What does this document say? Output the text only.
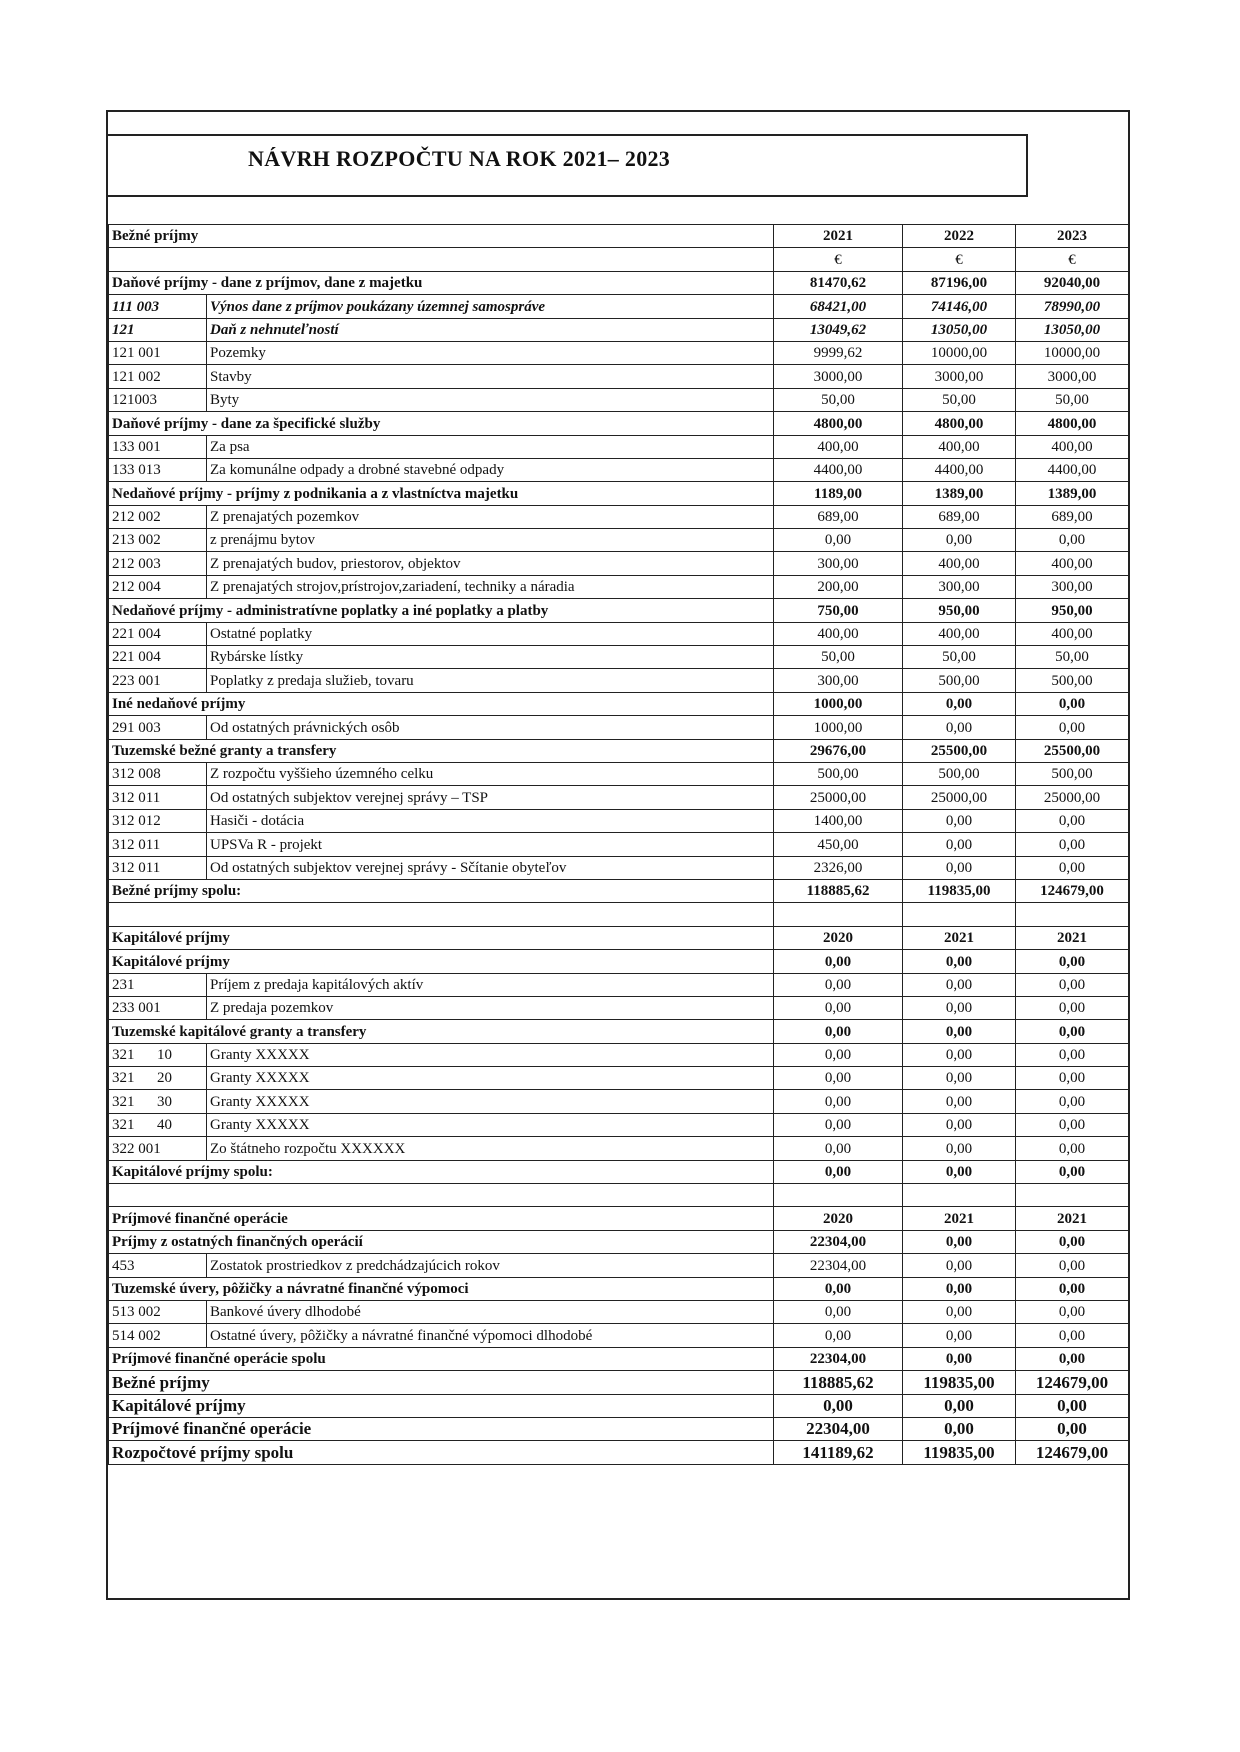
NÁVRH ROZPOČTU NA ROK 2021– 2023
Bežné príjmy		2021	2022	2023
		€	€	€
Daňové príjmy - dane z príjmov, dane z majetku		81470,62	87196,00	92040,00
111 003	Výnos dane z príjmov poukázany územnej samospráve	68421,00	74146,00	78990,00
121	Daň z nehnuteľností	13049,62	13050,00	13050,00
121 001	Pozemky	9999,62	10000,00	10000,00
121 002	Stavby	3000,00	3000,00	3000,00
121003	Byty	50,00	50,00	50,00
Daňové príjmy - dane za špecifické služby		4800,00	4800,00	4800,00
133 001	Za psa	400,00	400,00	400,00
133 013	Za komunálne odpady a drobné stavebné odpady	4400,00	4400,00	4400,00
Nedaňové príjmy - príjmy z podnikania a z vlastníctva majetku		1189,00	1389,00	1389,00
212 002	Z prenajatých pozemkov	689,00	689,00	689,00
213 002	z prenájmu bytov	0,00	0,00	0,00
212 003	Z prenajatých budov, priestorov, objektov	300,00	400,00	400,00
212 004	Z prenajatých strojov,prístrojov,zariadení, techniky a náradia	200,00	300,00	300,00
Nedaňové príjmy - administratívne poplatky a iné poplatky a platby		750,00	950,00	950,00
221 004	Ostatné poplatky	400,00	400,00	400,00
221 004	Rybárske lístky	50,00	50,00	50,00
223 001	Poplatky z predaja služieb, tovaru	300,00	500,00	500,00
Iné nedaňové príjmy		1000,00	0,00	0,00
291 003	Od ostatných právnických osôb	1000,00	0,00	0,00
Tuzemské bežné granty a transfery		29676,00	25500,00	25500,00
312 008	Z rozpočtu vyššieho územného celku	500,00	500,00	500,00
312 011	Od ostatných subjektov verejnej správy – TSP	25000,00	25000,00	25000,00
312 012	Hasiči - dotácia	1400,00	0,00	0,00
312 011	UPSVa R - projekt	450,00	0,00	0,00
312 011	Od ostatných subjektov verejnej správy - Sčítanie obyteľov	2326,00	0,00	0,00
Bežné príjmy spolu:		118885,62	119835,00	124679,00

Kapitálové príjmy		2020	2021	2021
Kapitálové príjmy		0,00	0,00	0,00
231	Príjem z predaja kapitálových aktív	0,00	0,00	0,00
233 001	Z predaja pozemkov	0,00	0,00	0,00
Tuzemské kapitálové granty a transfery		0,00	0,00	0,00
321      10	Granty XXXXX	0,00	0,00	0,00
321      20	Granty XXXXX	0,00	0,00	0,00
321      30	Granty XXXXX	0,00	0,00	0,00
321      40	Granty XXXXX	0,00	0,00	0,00
322 001	Zo štátneho rozpočtu XXXXXX	0,00	0,00	0,00
Kapitálové príjmy spolu:		0,00	0,00	0,00

Príjmové finančné operácie		2020	2021	2021
Príjmy z ostatných finančných operácií		22304,00	0,00	0,00
453	Zostatok prostriedkov z predchádzajúcich rokov	22304,00	0,00	0,00
Tuzemské úvery, pôžičky a návratné finančné výpomoci		0,00	0,00	0,00
513 002	Bankové úvery dlhodobé	0,00	0,00	0,00
514 002	Ostatné úvery, pôžičky a návratné finančné výpomoci dlhodobé	0,00	0,00	0,00
Príjmové finančné operácie spolu		22304,00	0,00	0,00
Bežné príjmy		118885,62	119835,00	124679,00
Kapitálové príjmy		0,00	0,00	0,00
Príjmové finančné operácie		22304,00	0,00	0,00
Rozpočtové príjmy spolu		141189,62	119835,00	124679,00
